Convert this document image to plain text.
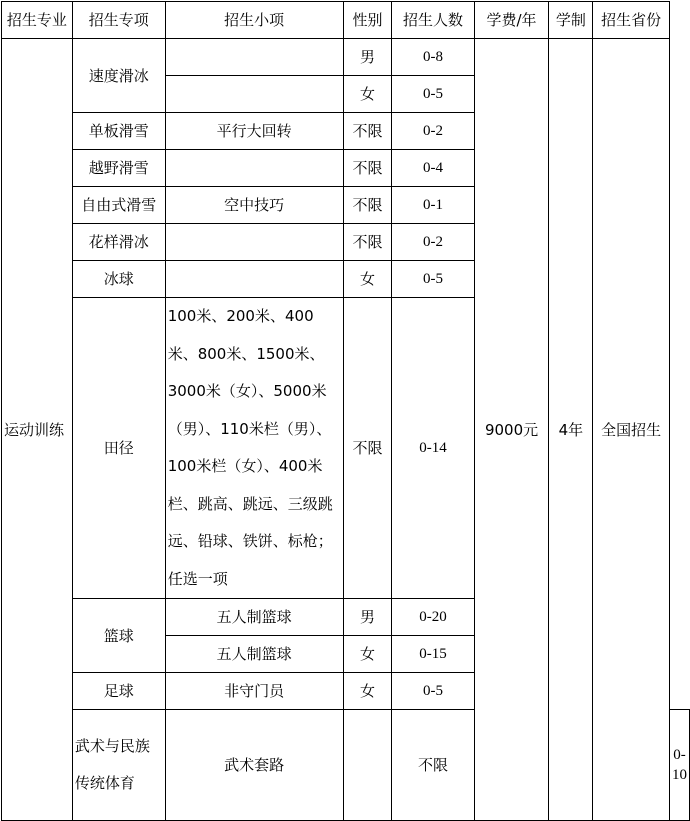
招生专业	招生专项	招生小项	性别	招生人数	学费/年	学制	招生省份	
运动训练	速度滑冰		男	0-8	9000元	4年	全国招生	
			女	0-5				
	单板滑雪	平行大回转	不限	0-2				
	越野滑雪		不限	0-4				
	自由式滑雪	空中技巧	不限	0-1				
	花样滑冰		不限	0-2				
	冰球		女	0-5				
	田径	100米、200米、400米、800米、1500米、3000米（女）、5000米（男）、110米栏（男）、100米栏（女）、400米栏、跳高、跳远、三级跳远、铅球、铁饼、标枪；任选一项	不限	0-14				
	篮球	五人制篮球	男	0-20				
		五人制篮球	女	0-15				
	足球	非守门员	女	0-5				
	武术与民族传统体育	武术套路		不限				0-10
